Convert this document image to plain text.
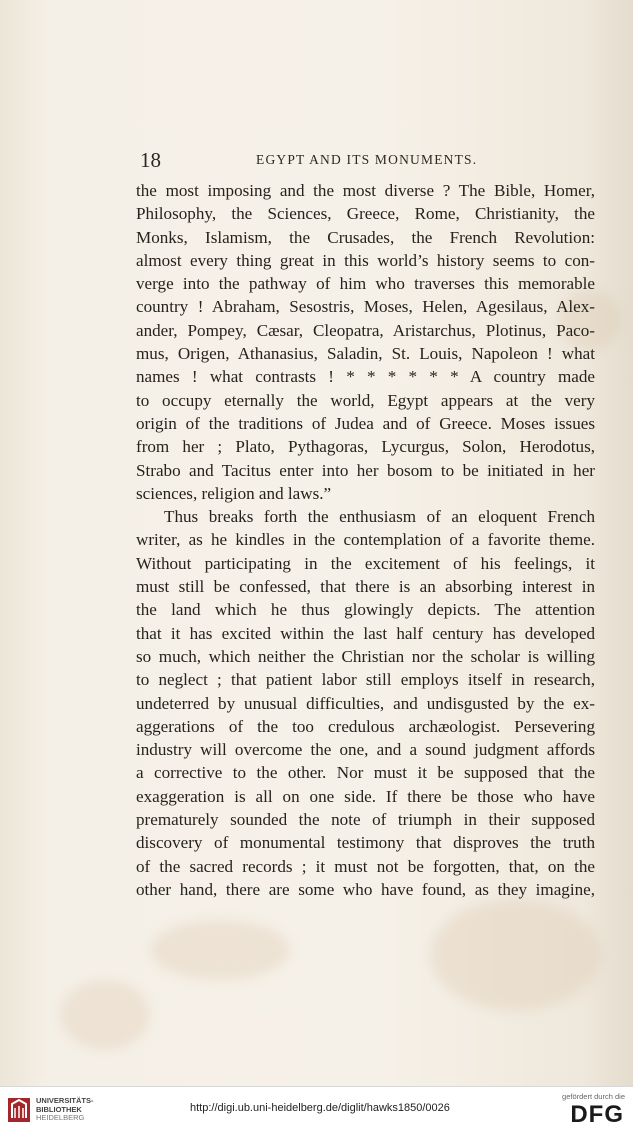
18	EGYPT AND ITS MONUMENTS.
the most imposing and the most diverse ? The Bible, Homer,
Philosophy, the Sciences, Greece, Rome, Christianity, the
Monks, Islamism, the Crusades, the French Revolution:
almost every thing great in this world’s history seems to con-
verge into the pathway of him who traverses this memorable
country ! Abraham, Sesostris, Moses, Helen, Agesilaus, Alex-
ander, Pompey, Cæsar, Cleopatra, Aristarchus, Plotinus, Paco-
mus, Origen, Athanasius, Saladin, St. Louis, Napoleon ! what
names ! what contrasts ! * * * * * * A country made
to occupy eternally the world, Egypt appears at the very
origin of the traditions of Judea and of Greece. Moses issues
from her ; Plato, Pythagoras, Lycurgus, Solon, Herodotus,
Strabo and Tacitus enter into her bosom to be initiated in her
sciences, religion and laws.”
Thus breaks forth the enthusiasm of an eloquent French
writer, as he kindles in the contemplation of a favorite theme.
Without participating in the excitement of his feelings, it
must still be confessed, that there is an absorbing interest in
the land which he thus glowingly depicts. The attention
that it has excited within the last half century has developed
so much, which neither the Christian nor the scholar is willing
to neglect ; that patient labor still employs itself in research,
undeterred by unusual difficulties, and undisgusted by the ex-
aggerations of the too credulous archæologist. Persevering
industry will overcome the one, and a sound judgment affords
a corrective to the other. Nor must it be supposed that the
exaggeration is all on one side. If there be those who have
prematurely sounded the note of triumph in their supposed
discovery of monumental testimony that disproves the truth
of the sacred records ; it must not be forgotten, that, on the
other hand, there are some who have found, as they imagine,
UNIVERSITÄTS-
BIBLIOTHEK
HEIDELBERG
http://digi.ub.uni-heidelberg.de/diglit/hawks1850/0026
gefördert durch die
DFG
